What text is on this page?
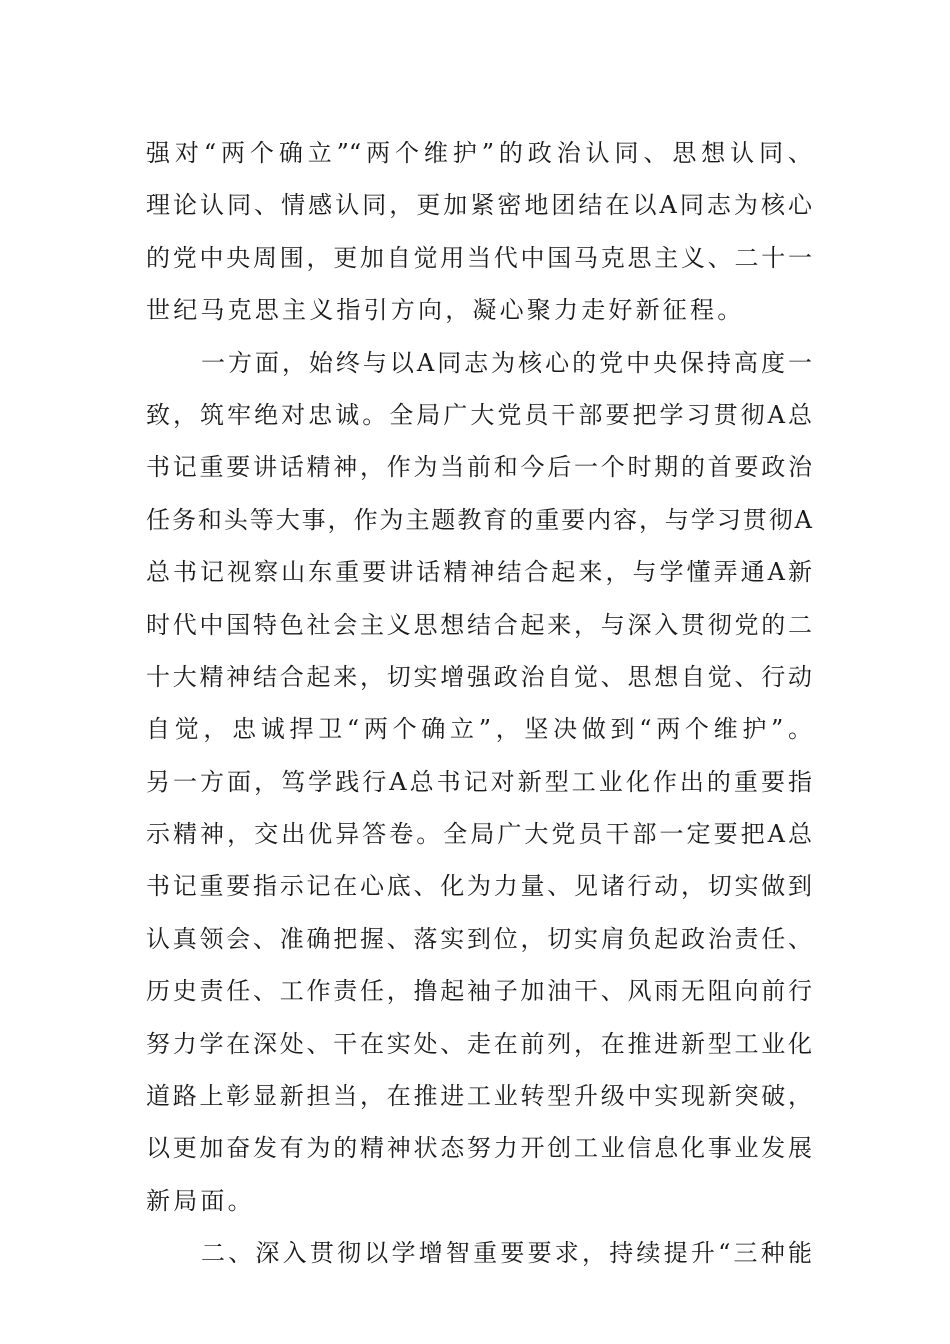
强对“两个确立”“两个维护”的政治认同、思想认同、
理论认同、情感认同，更加紧密地团结在以A同志为核心
的党中央周围，更加自觉用当代中国马克思主义、二十一
世纪马克思主义指引方向，凝心聚力走好新征程。
一方面，始终与以A同志为核心的党中央保持高度一
致，筑牢绝对忠诚。全局广大党员干部要把学习贯彻A总
书记重要讲话精神，作为当前和今后一个时期的首要政治
任务和头等大事，作为主题教育的重要内容，与学习贯彻A
总书记视察山东重要讲话精神结合起来，与学懂弄通A新
时代中国特色社会主义思想结合起来，与深入贯彻党的二
十大精神结合起来，切实增强政治自觉、思想自觉、行动
自觉，忠诚捍卫“两个确立”，坚决做到“两个维护”。
另一方面，笃学践行A总书记对新型工业化作出的重要指
示精神，交出优异答卷。全局广大党员干部一定要把A总
书记重要指示记在心底、化为力量、见诸行动，切实做到
认真领会、准确把握、落实到位，切实肩负起政治责任、
历史责任、工作责任，撸起袖子加油干、风雨无阻向前行
努力学在深处、干在实处、走在前列，在推进新型工业化
道路上彰显新担当，在推进工业转型升级中实现新突破，
以更加奋发有为的精神状态努力开创工业信息化事业发展
新局面。
二、深入贯彻以学增智重要要求，持续提升“三种能
